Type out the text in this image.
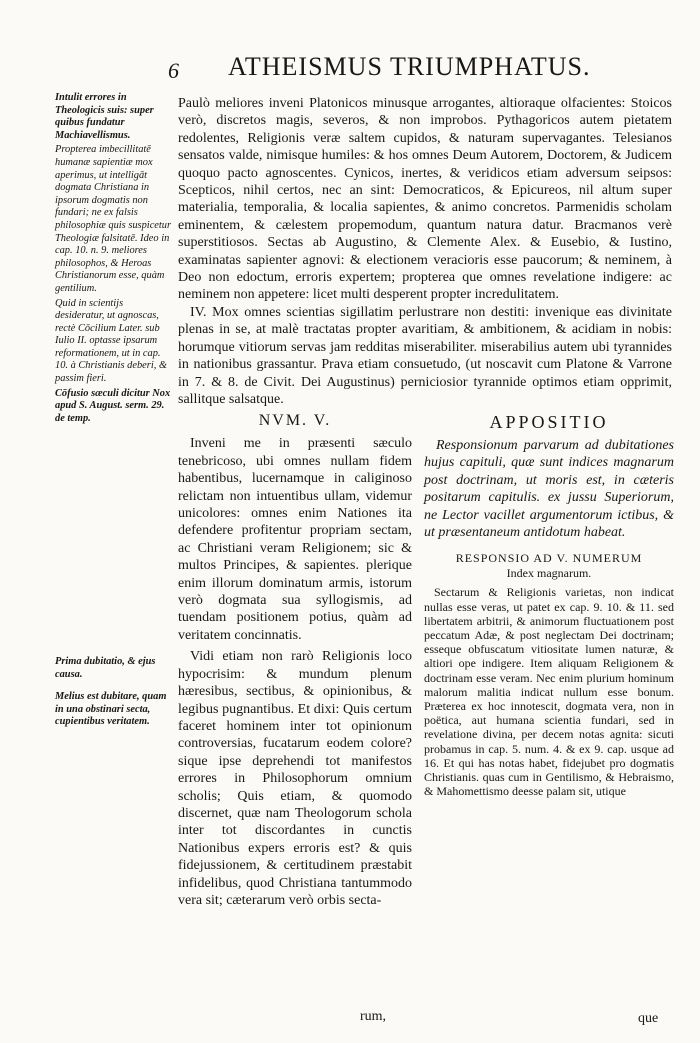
6 ATHEISMUS TRIUMPHATUS.
Intulit errores in Theologicis suis: super quibus fundatur Machiavellismus.
Propterea imbecillitatē humanæ sapientiæ mox aperimus, ut intelligāt dogmata Christiana in ipsorum dogmatis non fundari; ne ex falsis philosophiæ quis suspicetur Theologiæ falsitatē. Ideo in cap. 10. n. 9. meliores philosophos, & Heroas Christianorum esse, quàm gentilium.
Quid in scientijs desideratur, ut agnoscas, rectè Cōcilium Later. sub Iulio II. optasse ipsarum reformationem, ut in cap. 10. à Christianis deberi, & passim fieri.
Cōfusio sæculi dicitur Nox apud S. August. serm. 29. de temp.
Prima dubitatio, & ejus causa.
Melius est dubitare, quam in una obstinari secta, cupientibus veritatem.

Paulò meliores inveni Platonicos minusque arrogantes, altioraque olfacientes: Stoicos verò, discretos magis, severos, & non improbos. Pythagoricos autem pietatem redolentes, Religionis veræ saltem cupidos, & naturam supervagantes. Telesianos sensatos valde, nimisque humiles: & hos omnes Deum Autorem, Doctorem, & Judicem quoquo pacto agnoscentes. Cynicos, inertes, & veridicos etiam adversum seipsos: Scepticos, nihil certos, nec an sint: Democraticos, & Epicureos, nil altum super materialia, temporalia, & localia sapientes, & animo concretos. Parmenidis scholam eminentem, & cælestem propemodum, quantum natura datur. Bracmanos verè superstitiosos. Sectas ab Augustino, & Clemente Alex. & Eusebio, & Iustino, examinatas sapienter agnovi: & electionem veracioris esse paucorum; & neminem, à Deo non edoctum, erroris expertem; propterea que omnes revelatione indigere: ac neminem non appetere: licet multi desperent propter incredulitatem.

IV. Mox omnes scientias sigillatim perlustrare non destiti: invenique eas divinitate plenas in se, at malè tractatas propter avaritiam, & ambitionem, & acidiam in nobis: horumque vitiorum servas jam redditas miserabiliter. miserabilius autem ubi tyrannides in nationibus grassantur. Prava etiam consuetudo, (ut noscavit cum Platone & Varrone in 7. & 8. de Civit. Dei Augustinus) perniciosior tyrannide optimos etiam opprimit, sallitque salsatque.

NVM. V.

Inveni me in præsenti sæculo tenebricoso, ubi omnes nullam fidem habentibus, lucernamque in caliginoso relictam non intuentibus ullam, videmur unicolores: omnes enim Nationes ita defendere profitentur propriam sectam, ac Christiani veram Religionem; sic & multos Principes, & sapientes. plerique enim illorum dominatum armis, istorum verò dogmata sua syllogismis, ad tuendam positionem potius, quàm ad veritatem concinnatis.

Vidi etiam non rarò Religionis loco hypocrisim: & mundum plenum hæresibus, sectibus, & opinionibus, & legibus pugnantibus. Et dixi: Quis certum faceret hominem inter tot opinionum controversias, fucatarum eodem colore? sique ipse deprehendi tot manifestos errores in Philosophorum omnium scholis; Quis etiam, & quomodo discernet, quæ nam Theologorum schola inter tot discordantes in cunctis Nationibus expers erroris est? & quis fidejussionem, & certitudinem præstabit infidelibus, quod Christiana tantummodo vera sit; cæterarum verò orbis secta-

APPOSITIO

Responsionum parvarum ad dubitationes hujus capituli, quæ sunt indices magnarum post doctrinam, ut moris est, in cæteris positarum capitulis. ex jussu Superiorum, ne Lector vacillet argumentorum ictibus, & ut præsentaneum antidotum habeat.

RESPONSIO AD V. NUMERUM
Index magnarum.

Sectarum & Religionis varietas, non indicat nullas esse veras, ut patet ex cap. 9. 10. & 11. sed libertatem arbitrii, & animorum fluctuationem post peccatum Adæ, & post neglectam Dei doctrinam; esseque obfuscatum vitiositate lumen naturæ, & altiori ope indigere. Item aliquam Religionem & doctrinam esse veram. Nec enim plurium hominum malorum malitia indicat nullum esse bonum. Præterea ex hoc innotescit, dogmata vera, non in poëtica, aut humana scientia fundari, sed in revelatione divina, per decem notas agnita: sicuti probamus in cap. 5. num. 4. & ex 9. cap. usque ad 16. Et qui has notas habet, fidejubet pro dogmatis Christianis. quas cum in Gentilismo, & Hebraismo, & Mahomettismo deesse palam sit, utique

rum,	que
